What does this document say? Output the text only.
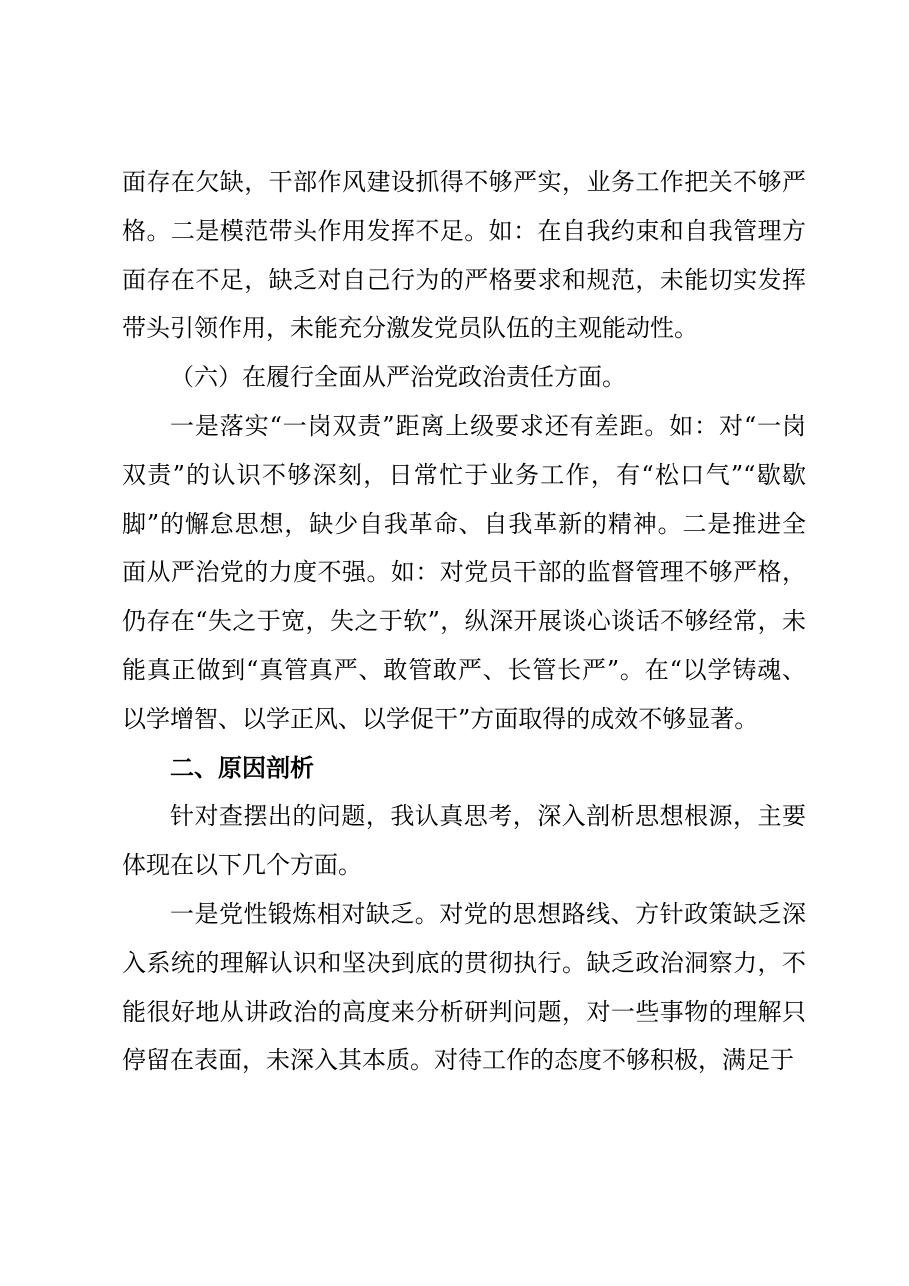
面存在欠缺，干部作风建设抓得不够严实，业务工作把关不够严格。二是模范带头作用发挥不足。如：在自我约束和自我管理方面存在不足，缺乏对自己行为的严格要求和规范，未能切实发挥带头引领作用，未能充分激发党员队伍的主观能动性。

（六）在履行全面从严治党政治责任方面。

一是落实“一岗双责”距离上级要求还有差距。如：对“一岗双责”的认识不够深刻，日常忙于业务工作，有“松口气”“歇歇脚”的懈怠思想，缺少自我革命、自我革新的精神。二是推进全面从严治党的力度不强。如：对党员干部的监督管理不够严格，仍存在“失之于宽，失之于软”，纵深开展谈心谈话不够经常，未能真正做到“真管真严、敢管敢严、长管长严”。在“以学铸魂、以学增智、以学正风、以学促干”方面取得的成效不够显著。

二、原因剖析

针对查摆出的问题，我认真思考，深入剖析思想根源，主要体现在以下几个方面。

一是党性锻炼相对缺乏。对党的思想路线、方针政策缺乏深入系统的理解认识和坚决到底的贯彻执行。缺乏政治洞察力，不能很好地从讲政治的高度来分析研判问题，对一些事物的理解只停留在表面，未深入其本质。对待工作的态度不够积极，满足于
